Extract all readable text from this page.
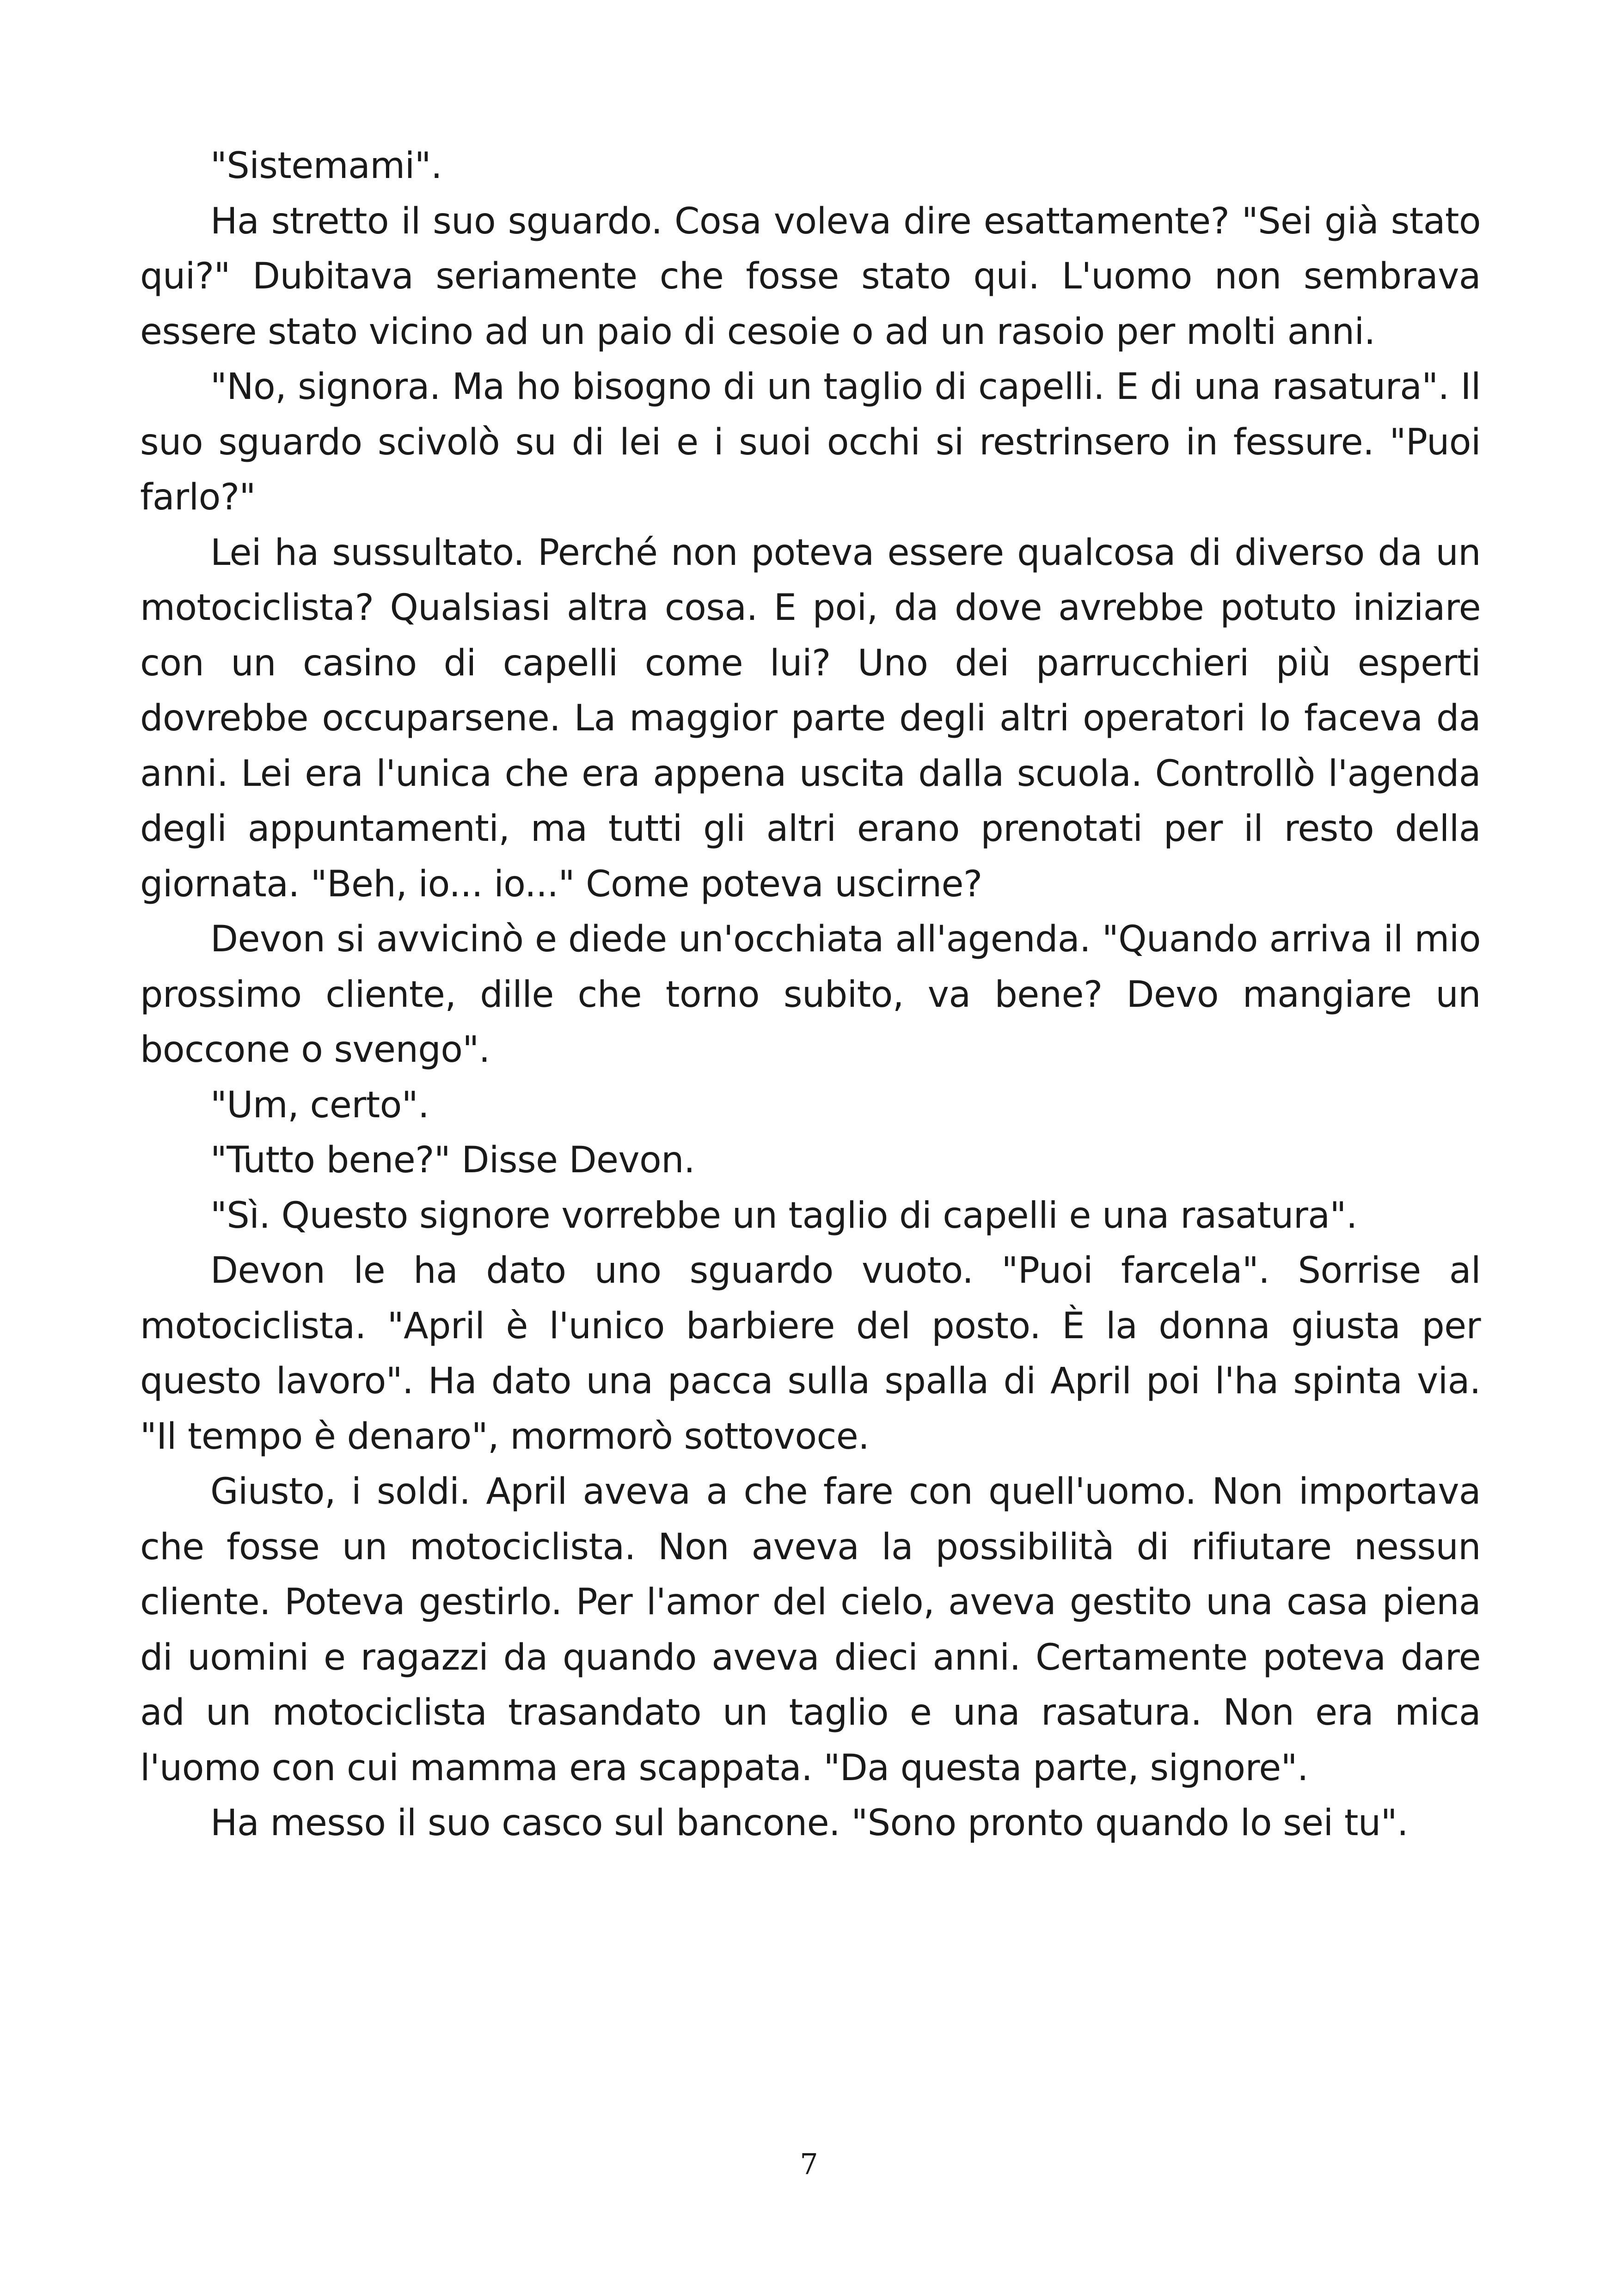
"Sistemami".

Ha stretto il suo sguardo. Cosa voleva dire esattamente? "Sei già stato qui?" Dubitava seriamente che fosse stato qui. L'uomo non sembrava essere stato vicino ad un paio di cesoie o ad un rasoio per molti anni.

"No, signora. Ma ho bisogno di un taglio di capelli. E di una rasatura". Il suo sguardo scivolò su di lei e i suoi occhi si restrinsero in fessure. "Puoi farlo?"

Lei ha sussultato. Perché non poteva essere qualcosa di diverso da un motociclista? Qualsiasi altra cosa. E poi, da dove avrebbe potuto iniziare con un casino di capelli come lui? Uno dei parrucchieri più esperti dovrebbe occuparsene. La maggior parte degli altri operatori lo faceva da anni. Lei era l'unica che era appena uscita dalla scuola. Controllò l'agenda degli appuntamenti, ma tutti gli altri erano prenotati per il resto della giornata. "Beh, io... io..." Come poteva uscirne?

Devon si avvicinò e diede un'occhiata all'agenda. "Quando arriva il mio prossimo cliente, dille che torno subito, va bene? Devo mangiare un boccone o svengo".

"Um, certo".

"Tutto bene?" Disse Devon.

"Sì. Questo signore vorrebbe un taglio di capelli e una rasatura".

Devon le ha dato uno sguardo vuoto. "Puoi farcela". Sorrise al motociclista. "April è l'unico barbiere del posto. È la donna giusta per questo lavoro". Ha dato una pacca sulla spalla di April poi l'ha spinta via. "Il tempo è denaro", mormorò sottovoce.

Giusto, i soldi. April aveva a che fare con quell'uomo. Non importava che fosse un motociclista. Non aveva la possibilità di rifiutare nessun cliente. Poteva gestirlo. Per l'amor del cielo, aveva gestito una casa piena di uomini e ragazzi da quando aveva dieci anni. Certamente poteva dare ad un motociclista trasandato un taglio e una rasatura. Non era mica l'uomo con cui mamma era scappata. "Da questa parte, signore".

Ha messo il suo casco sul bancone. "Sono pronto quando lo sei tu".

7
